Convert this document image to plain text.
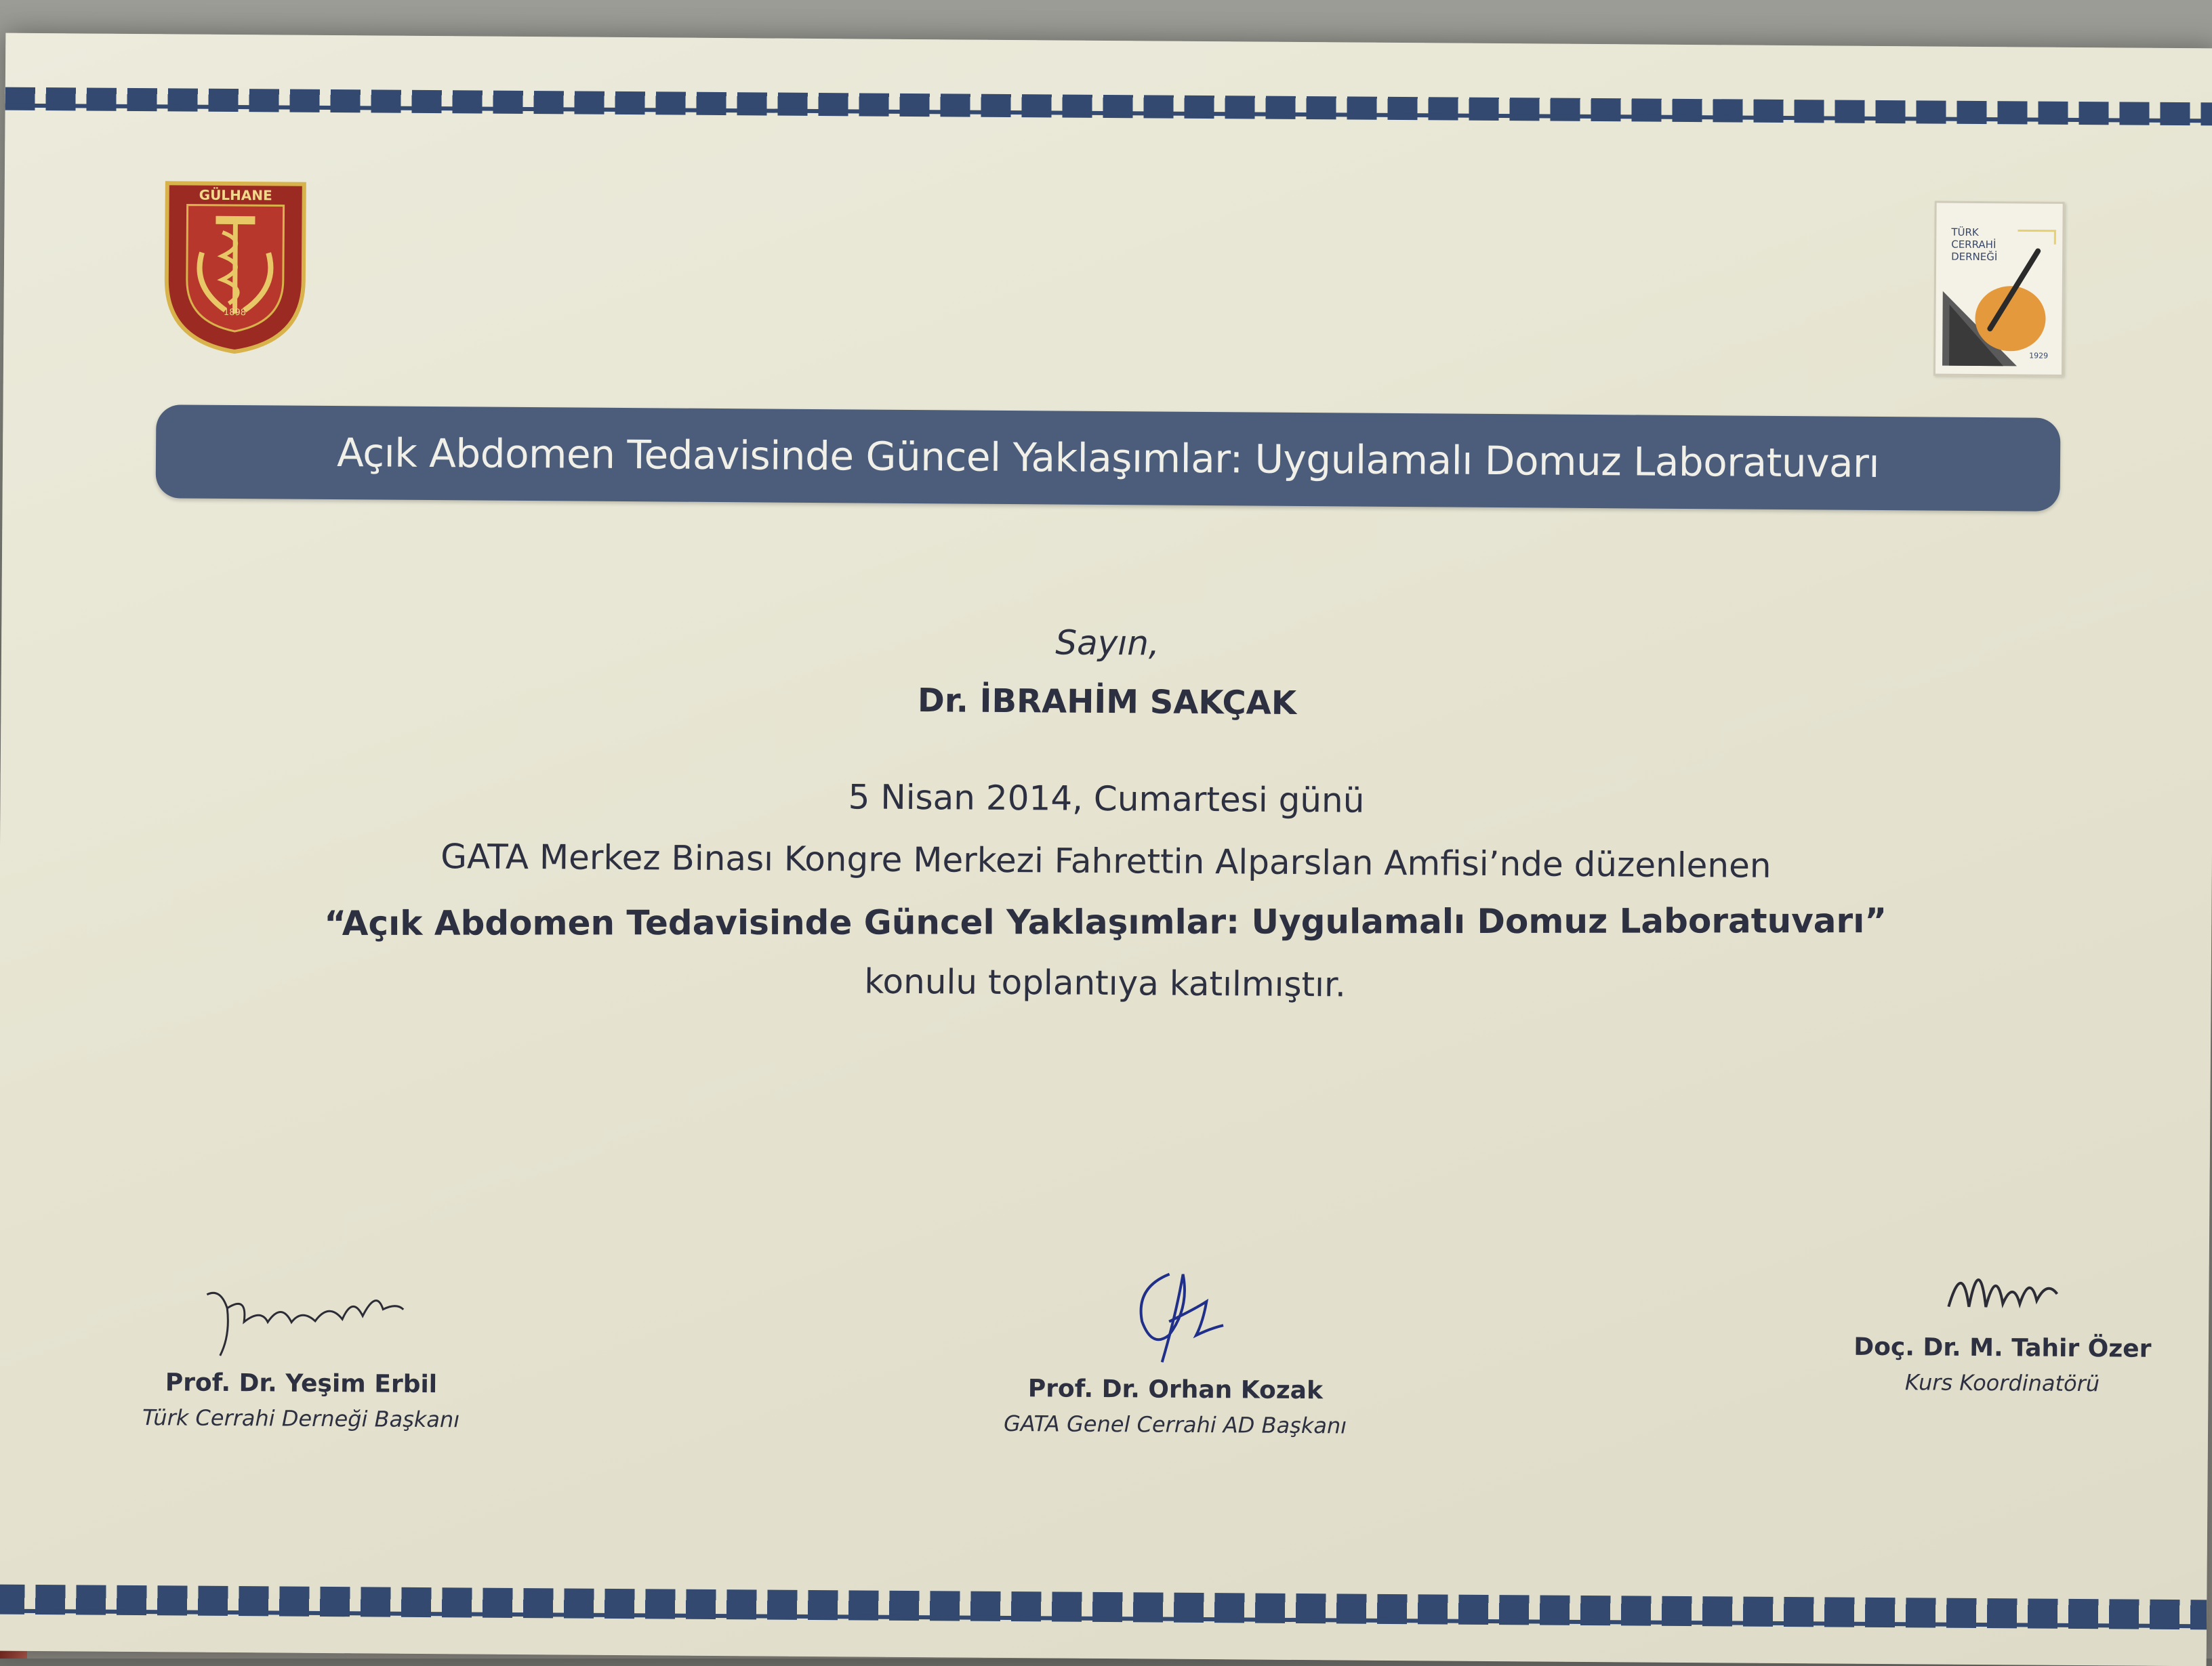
1898
GÜLHANE
TÜRK
CERRAHİ
DERNEĞİ
1929
Açık Abdomen Tedavisinde Güncel Yaklaşımlar: Uygulamalı Domuz Laboratuvarı
Sayın,
Dr. İBRAHİM SAKÇAK
5 Nisan 2014, Cumartesi günü
GATA Merkez Binası Kongre Merkezi Fahrettin Alparslan Amfisi’nde düzenlenen
“Açık Abdomen Tedavisinde Güncel Yaklaşımlar: Uygulamalı Domuz Laboratuvarı”
konulu toplantıya katılmıştır.
Prof. Dr. Yeşim Erbil
Türk Cerrahi Derneği Başkanı
Prof. Dr. Orhan Kozak
GATA Genel Cerrahi AD Başkanı
Doç. Dr. M. Tahir Özer
Kurs Koordinatörü
